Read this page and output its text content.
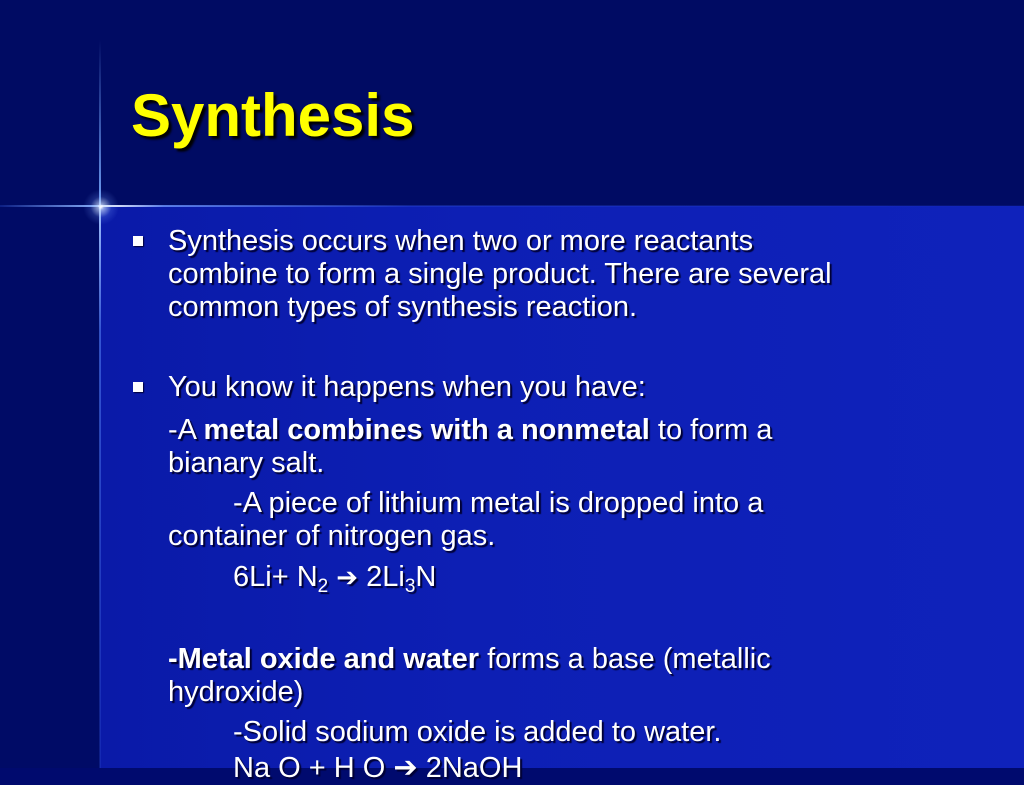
Synthesis
Synthesis occurs when two or more reactants
combine to form a single product. There are several
common types of synthesis reaction.
You know it happens when you have:
-A metal combines with a nonmetal to form a
bianary salt.
-A piece of lithium metal is dropped into a
container of nitrogen gas.
$6Li+ N_2$ ➔ $2Li_3N$
-Metal oxide and water forms a base (metallic
hydroxide)
-Solid sodium oxide is added to water.
Na O + H O ➔ 2NaOH
